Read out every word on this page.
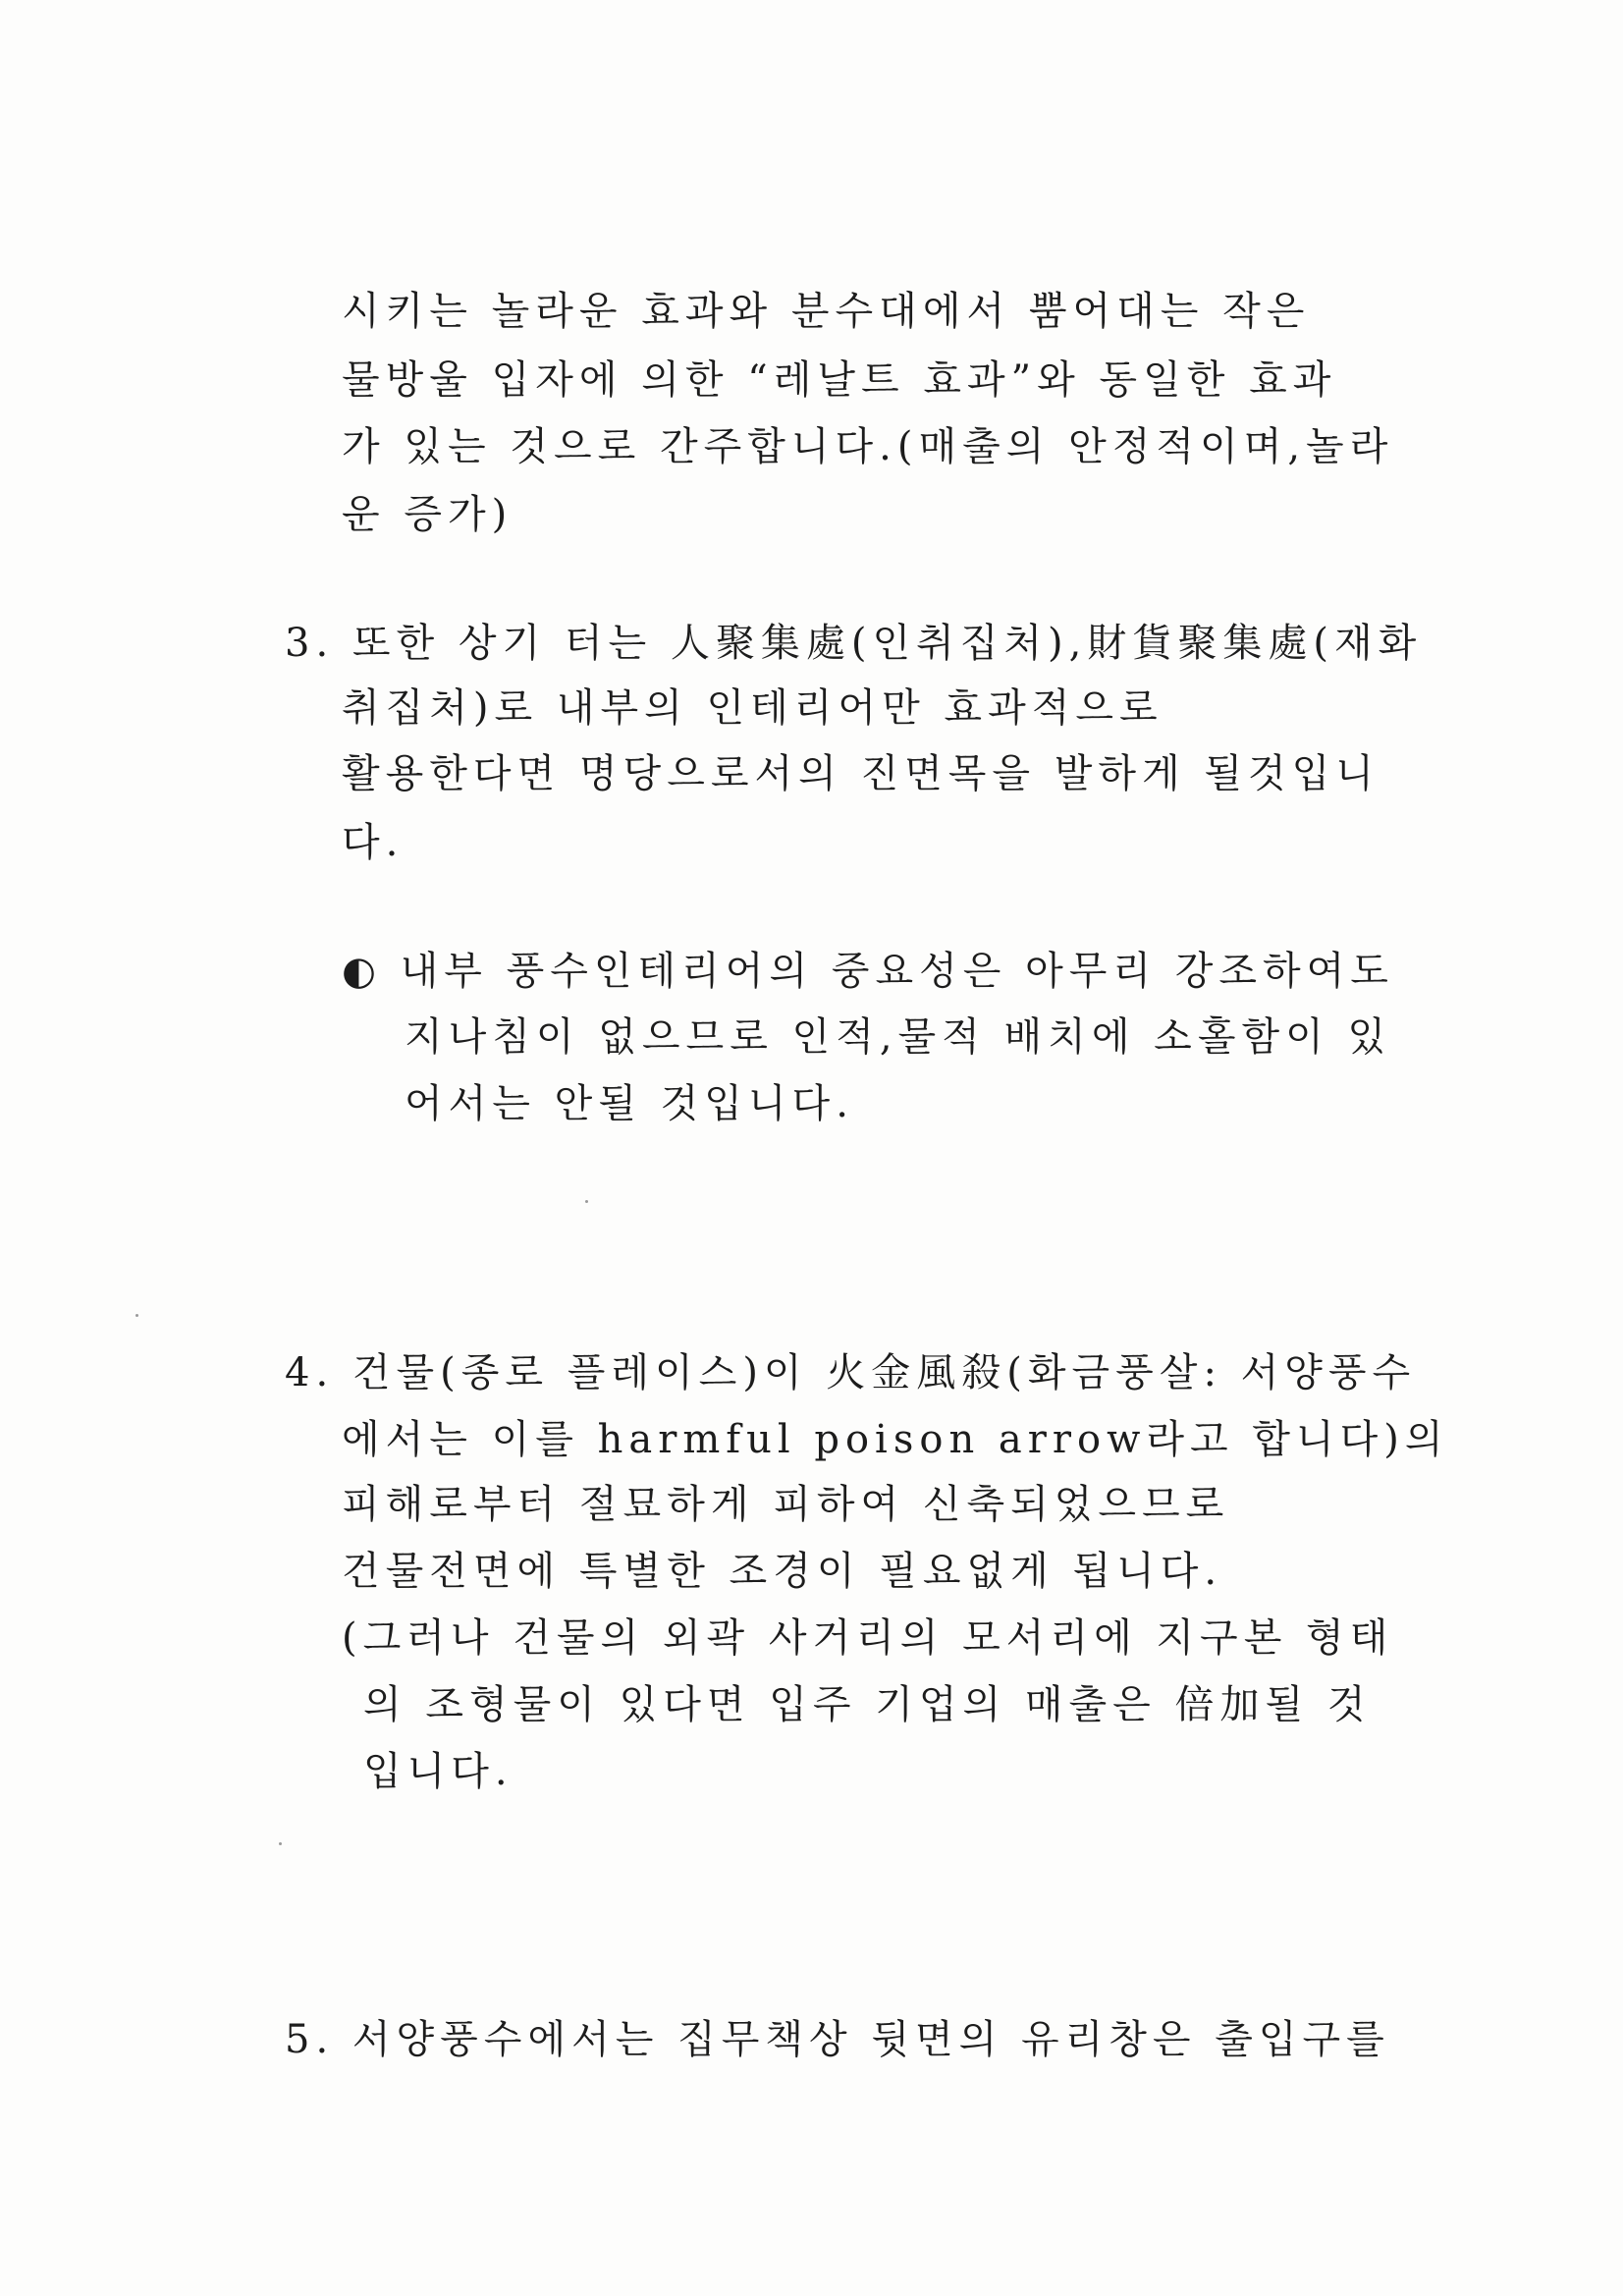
시키는 놀라운 효과와 분수대에서 뿜어대는 작은
물방울 입자에 의한 “레날트 효과”와 동일한 효과
가 있는 것으로 간주합니다.(매출의 안정적이며,놀라
운 증가)
3. 또한 상기 터는 人聚集處(인취집처),財貨聚集處(재화
취집처)로 내부의 인테리어만 효과적으로
활용한다면 명당으로서의 진면목을 발하게 될것입니
다.
◐ 내부 풍수인테리어의 중요성은 아무리 강조하여도
지나침이 없으므로 인적,물적 배치에 소홀함이 있
어서는 안될 것입니다.
4. 건물(종로 플레이스)이 火金風殺(화금풍살: 서양풍수
에서는 이를 harmful poison arrow라고 합니다)의
피해로부터 절묘하게 피하여 신축되었으므로
건물전면에 특별한 조경이 필요없게 됩니다.
(그러나 건물의 외곽 사거리의 모서리에 지구본 형태
의 조형물이 있다면 입주 기업의 매출은 倍加될 것
입니다.
5. 서양풍수에서는 집무책상 뒷면의 유리창은 출입구를
